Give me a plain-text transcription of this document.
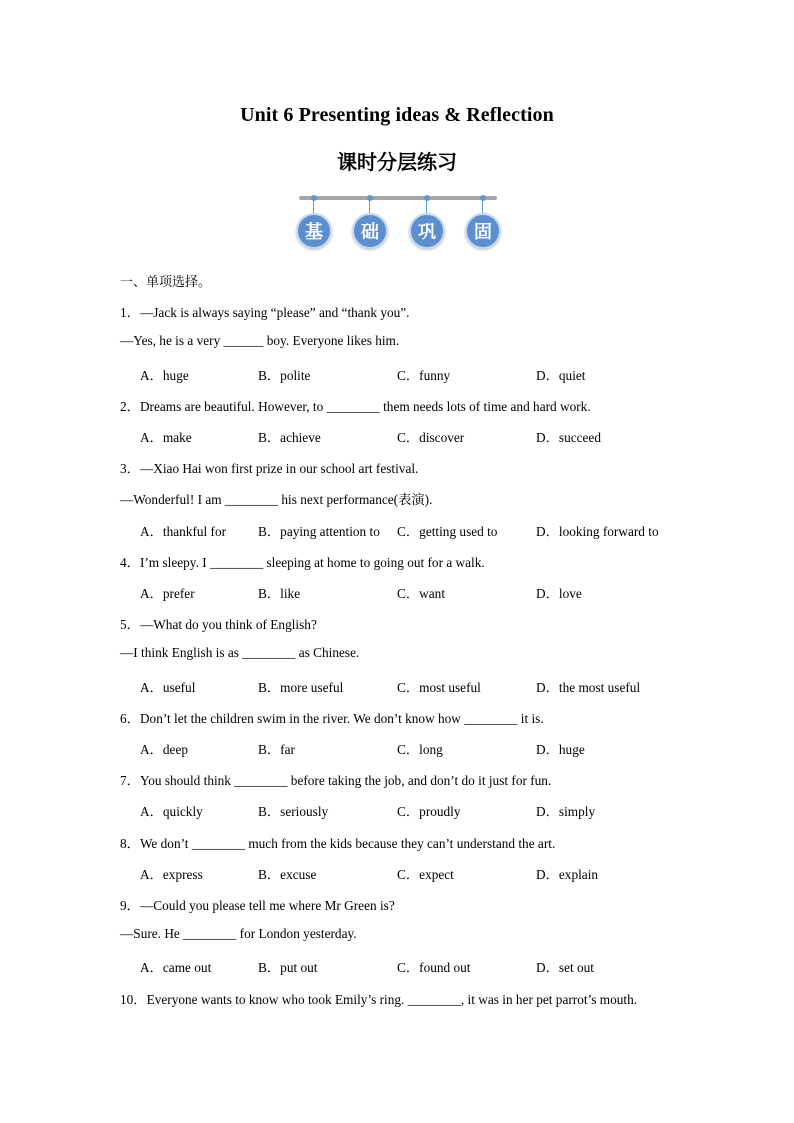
Unit 6 Presenting ideas & Reflection
课时分层练习
基	础	巩	固
一、单项选择。
1．—Jack is always saying “please” and “thank you”.
—Yes, he is a very ______ boy. Everyone likes him.
A．huge	B．polite	C．funny	D．quiet
2．Dreams are beautiful. However, to ________ them needs lots of time and hard work.
A．make	B．achieve	C．discover	D．succeed
3．—Xiao Hai won first prize in our school art festival.
—Wonderful! I am ________ his next performance(表演).
A．thankful for B．paying attention to C．getting used to	D．looking forward to
4．I’m sleepy. I ________ sleeping at home to going out for a walk.
A．prefer	B．like	C．want	D．love
5．—What do you think of English?
—I think English is as ________ as Chinese.
A．useful	B．more useful	C．most useful	D．the most useful
6．Don’t let the children swim in the river. We don’t know how ________ it is.
A．deep	B．far	C．long	D．huge
7．You should think ________ before taking the job, and don’t do it just for fun.
A．quickly	B．seriously	C．proudly	D．simply
8．We don’t ________ much from the kids because they can’t understand the art.
A．express	B．excuse	C．expect	D．explain
9．—Could you please tell me where Mr Green is?
—Sure. He ________ for London yesterday.
A．came out	B．put out	C．found out	D．set out
10．Everyone wants to know who took Emily’s ring. ________, it was in her pet parrot’s mouth.
